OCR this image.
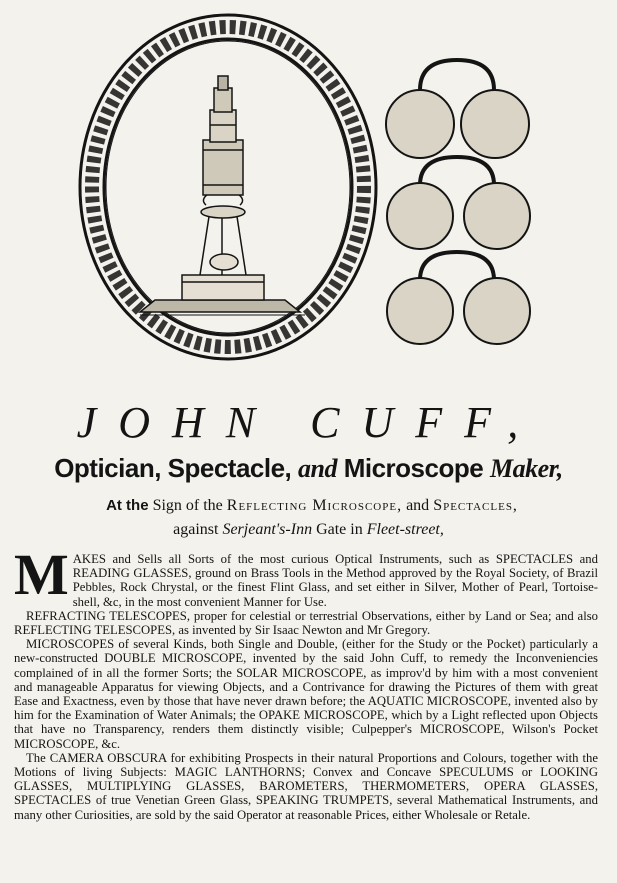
JOHN CUFF,
Optician, Spectacle, and Microscope Maker,
At the Sign of the Reflecting Microscope, and Spectacles,
against Serjeant's-Inn Gate in Fleet-street,

MAKES and Sells all Sorts of the most curious Optical Instruments, such as SPECTACLES and READING GLASSES, ground on Brass Tools in the Method approved by the Royal Society, of Brazil Pebbles, Rock Chrystal, or the finest Flint Glass, and set either in Silver, Mother of Pearl, Tortoise-shell, &c, in the most convenient Manner for Use.

REFRACTING TELESCOPES, proper for celestial or terrestrial Observations, either by Land or Sea; and also REFLECTING TELESCOPES, as invented by Sir Isaac Newton and Mr Gregory.

MICROSCOPES of several Kinds, both Single and Double, (either for the Study or the Pocket) particularly a new-constructed DOUBLE MICROSCOPE, invented by the said John Cuff, to remedy the Inconveniencies complained of in all the former Sorts; the SOLAR MICROSCOPE, as improv'd by him with a most convenient and manageable Apparatus for viewing Objects, and a Contrivance for drawing the Pictures of them with great Ease and Exactness, even by those that have never drawn before; the AQUATIC MICROSCOPE, invented also by him for the Examination of Water Animals; the OPAKE MICROSCOPE, which by a Light reflected upon Objects that have no Transparency, renders them distinctly visible; Culpepper's MICROSCOPE, Wilson's Pocket MICROSCOPE, &c.

The CAMERA OBSCURA for exhibiting Prospects in their natural Proportions and Colours, together with the Motions of living Subjects: MAGIC LANTHORNS; Convex and Concave SPECULUMS or LOOKING GLASSES, MULTIPLYING GLASSES, BAROMETERS, THERMOMETERS, OPERA GLASSES, SPECTACLES of true Venetian Green Glass, SPEAKING TRUMPETS, several Mathematical Instruments, and many other Curiosities, are sold by the said Operator at reasonable Prices, either Wholesale or Retale.
